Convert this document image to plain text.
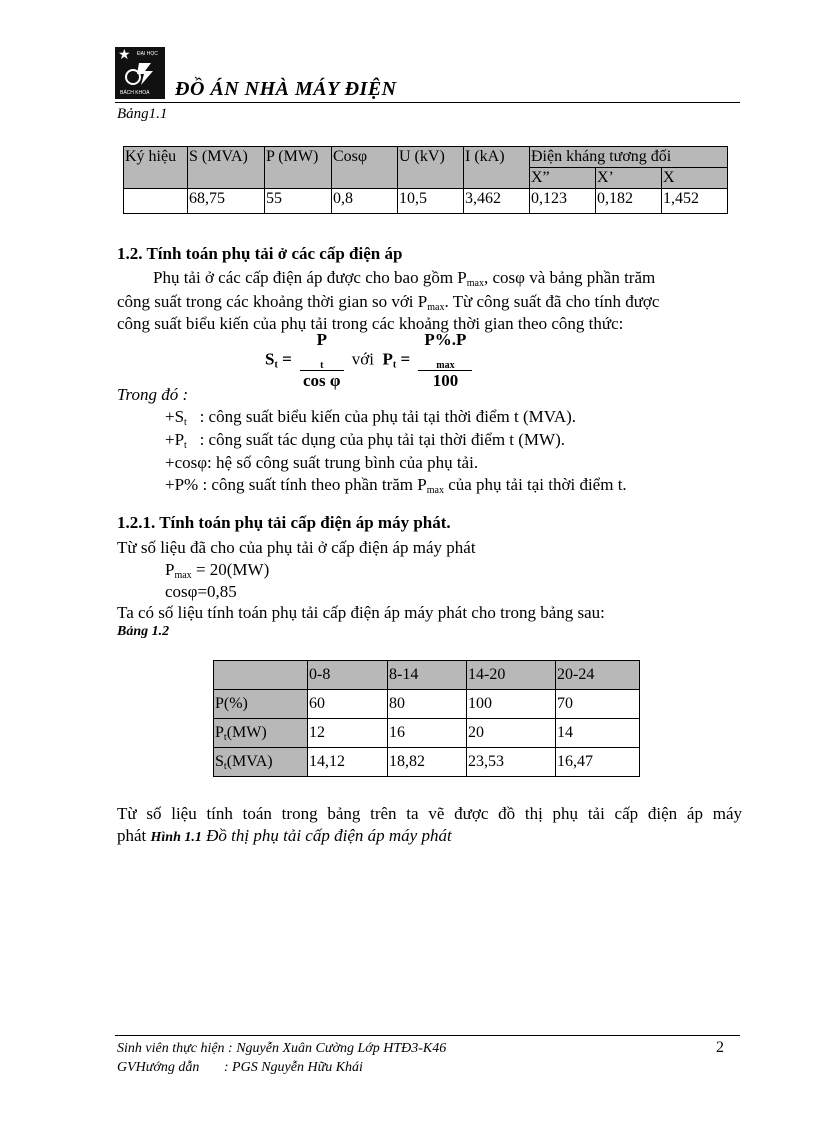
★ ĐẠI HỌC
BÁCH KHOA ĐỒ ÁN NHÀ MÁY ĐIỆN
Bảng1.1
Ký hiệu	S (MVA)	P (MW)	Cosφ	U (kV)	I (kA)	Điện kháng tương đối		
						X”	X’	X
	68,75	55	0,8	10,5	3,462	0,123	0,182	1,452
1.2. Tính toán phụ tải ở các cấp điện áp
Phụ tải ở các cấp điện áp được cho bao gồm $P_{max}$, cosφ và bảng phần trăm
công suất trong các khoảng thời gian so với $P_{max}$. Từ công suất đã cho tính được
công suất biểu kiến của phụ tải trong các khoảng thời gian theo công thức:
$S_t = P$
$_t$
cos φ với $P_t = P\%.P$
$_{max}$
100
Trong đó :
$+S_t$ : công suất biểu kiến của phụ tải tại thời điểm t (MVA).
$+P_t$ : công suất tác dụng của phụ tải tại thời điểm t (MW).
+cosφ: hệ số công suất trung bình của phụ tải.
+P% : công suất tính theo phần trăm $P_{max}$ của phụ tải tại thời điểm t.
1.2.1. Tính toán phụ tải cấp điện áp máy phát.
Từ số liệu đã cho của phụ tải ở cấp điện áp máy phát
$P_{max} = 20(MW)$
cosφ=0,85
Ta có số liệu tính toán phụ tải cấp điện áp máy phát cho trong bảng sau:
Bảng 1.2
	0-8	8-14	14-20	20-24
P(%)	60	80	100	70
$P_t(MW)$	12	16	20	14
$S_t(MVA)$	14,12	18,82	23,53	16,47
Từ số liệu tính toán trong bảng trên ta vẽ được đồ thị phụ tải cấp điện áp máy
phát Hình 1.1 Đồ thị phụ tải cấp điện áp máy phát
Sinh viên thực hiện : Nguyễn Xuân Cường Lớp HTĐ3-K46
GVHướng dẫn       : PGS Nguyễn Hữu Khái
2
